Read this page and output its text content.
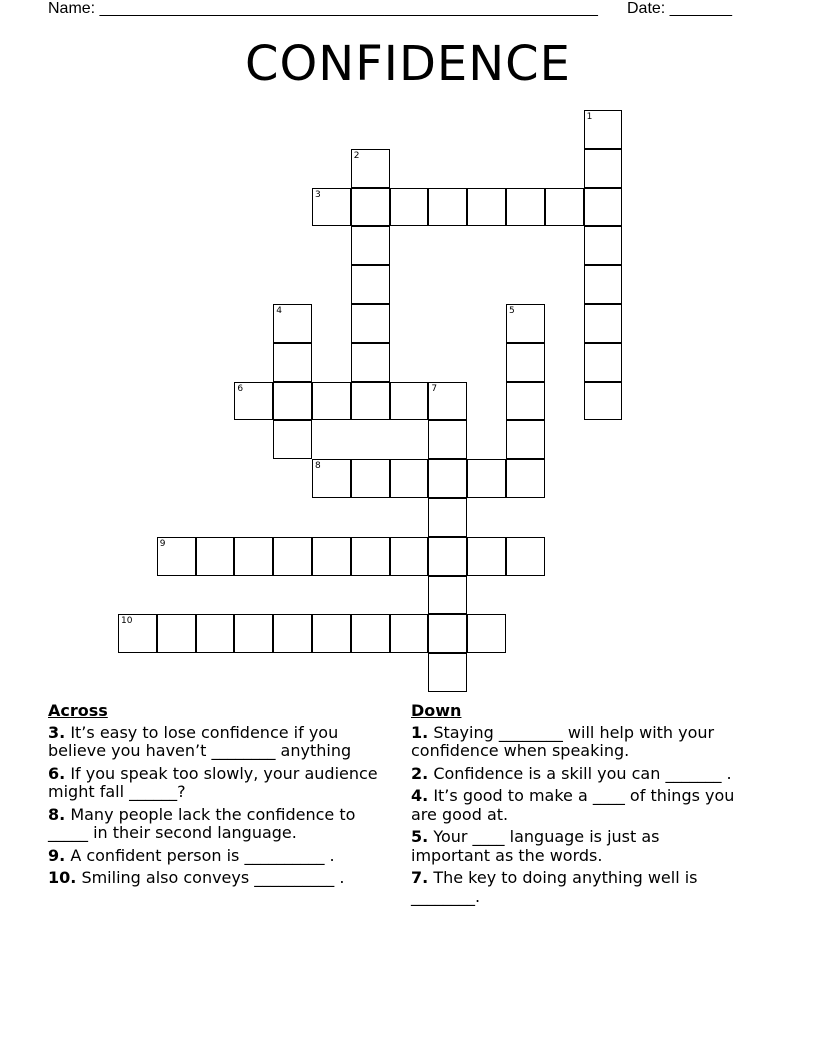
Name: ________________________________________________________ Date: _______
CONFIDENCE
1
2
3
4	5
6	7
8
9
10
Across
3. It’s easy to lose confidence if you believe you haven’t ________ anything
6. If you speak too slowly, your audience might fall ______?
8. Many people lack the confidence to _____ in their second language.
9. A confident person is __________ .
10. Smiling also conveys __________ .
Down
1. Staying ________ will help with your confidence when speaking.
2. Confidence is a skill you can _______ .
4. It’s good to make a ____ of things you are good at.
5. Your ____ language is just as important as the words.
7. The key to doing anything well is ________.
